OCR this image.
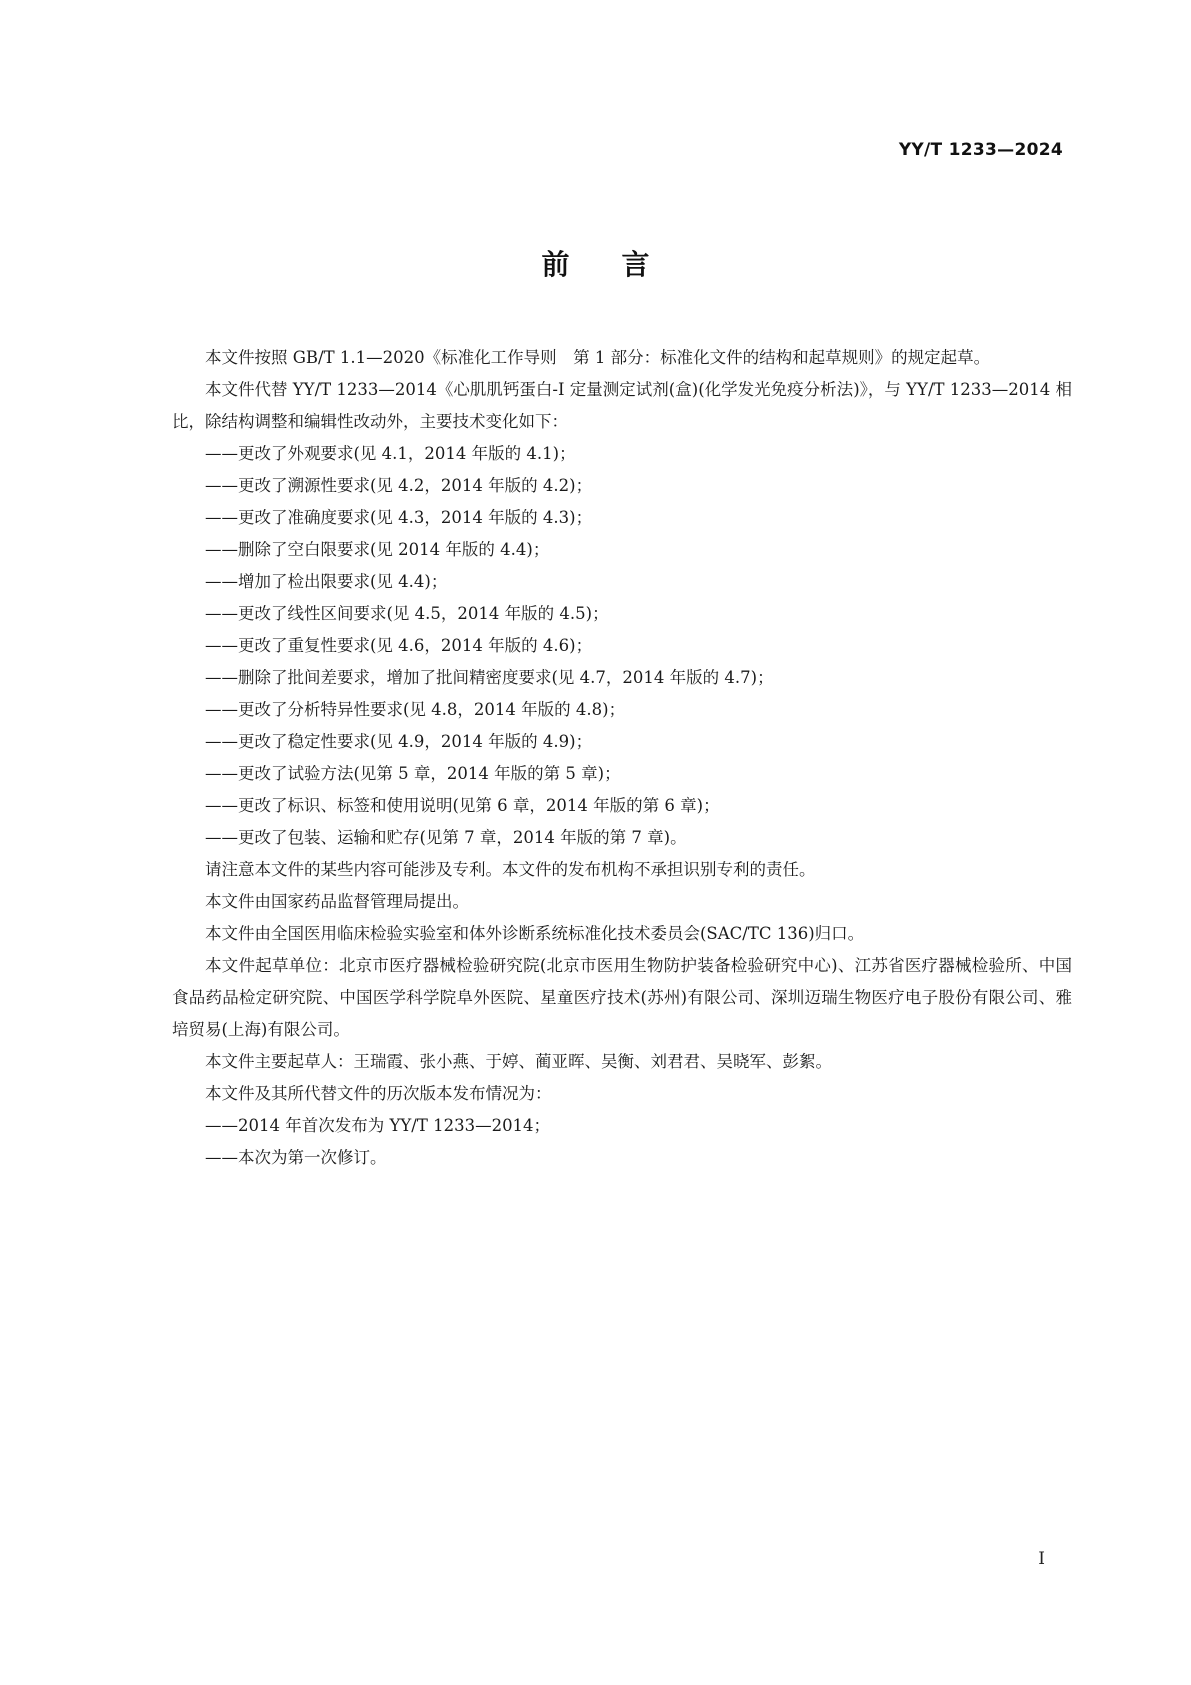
YY/T 1233—2024
前言

本文件按照 GB/T 1.1—2020《标准化工作导则　第 1 部分：标准化文件的结构和起草规则》的规定起草。

本文件代替 YY/T 1233—2014《心肌肌钙蛋白-I 定量测定试剂(盒)(化学发光免疫分析法)》，与 YY/T 1233—2014 相比，除结构调整和编辑性改动外，主要技术变化如下：

——更改了外观要求(见 4.1，2014 年版的 4.1)；

——更改了溯源性要求(见 4.2，2014 年版的 4.2)；

——更改了准确度要求(见 4.3，2014 年版的 4.3)；

——删除了空白限要求(见 2014 年版的 4.4)；

——增加了检出限要求(见 4.4)；

——更改了线性区间要求(见 4.5，2014 年版的 4.5)；

——更改了重复性要求(见 4.6，2014 年版的 4.6)；

——删除了批间差要求，增加了批间精密度要求(见 4.7，2014 年版的 4.7)；

——更改了分析特异性要求(见 4.8，2014 年版的 4.8)；

——更改了稳定性要求(见 4.9，2014 年版的 4.9)；

——更改了试验方法(见第 5 章，2014 年版的第 5 章)；

——更改了标识、标签和使用说明(见第 6 章，2014 年版的第 6 章)；

——更改了包装、运输和贮存(见第 7 章，2014 年版的第 7 章)。

请注意本文件的某些内容可能涉及专利。本文件的发布机构不承担识别专利的责任。

本文件由国家药品监督管理局提出。

本文件由全国医用临床检验实验室和体外诊断系统标准化技术委员会(SAC/TC 136)归口。

本文件起草单位：北京市医疗器械检验研究院(北京市医用生物防护装备检验研究中心)、江苏省医疗器械检验所、中国食品药品检定研究院、中国医学科学院阜外医院、星童医疗技术(苏州)有限公司、深圳迈瑞生物医疗电子股份有限公司、雅培贸易(上海)有限公司。

本文件主要起草人：王瑞霞、张小燕、于婷、蔺亚晖、吴衡、刘君君、吴晓军、彭絮。

本文件及其所代替文件的历次版本发布情况为：

——2014 年首次发布为 YY/T 1233—2014；

——本次为第一次修订。

I
